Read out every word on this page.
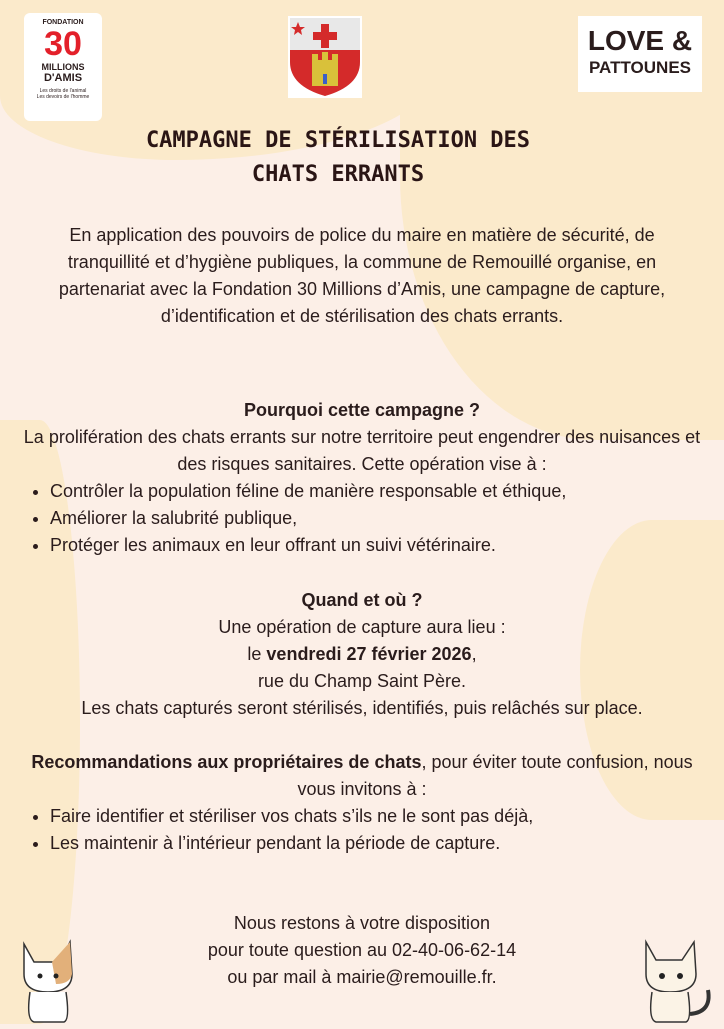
FONDATION
30
MILLIONS
D'AMIS
Les droits de l'animal
Les devoirs de l'homme
LOVE &
PATTOUNES
CAMPAGNE DE STÉRILISATION DES
CHATS ERRANTS
En application des pouvoirs de police du maire en matière de sécurité, de tranquillité et d’hygiène publiques, la commune de Remouillé organise, en partenariat avec la Fondation 30 Millions d’Amis, une campagne de capture, d’identification et de stérilisation des chats errants.
Pourquoi cette campagne ?
La prolifération des chats errants sur notre territoire peut engendrer des nuisances et des risques sanitaires. Cette opération vise à :
• Contrôler la population féline de manière responsable et éthique,
• Améliorer la salubrité publique,
• Protéger les animaux en leur offrant un suivi vétérinaire.
Quand et où ?
Une opération de capture aura lieu :
le vendredi 27 février 2026,
rue du Champ Saint Père.
Les chats capturés seront stérilisés, identifiés, puis relâchés sur place.
Recommandations aux propriétaires de chats, pour éviter toute confusion, nous vous invitons à :
• Faire identifier et stériliser vos chats s’ils ne le sont pas déjà,
• Les maintenir à l’intérieur pendant la période de capture.
Nous restons à votre disposition
pour toute question au 02-40-06-62-14
ou par mail à mairie@remouille.fr.
